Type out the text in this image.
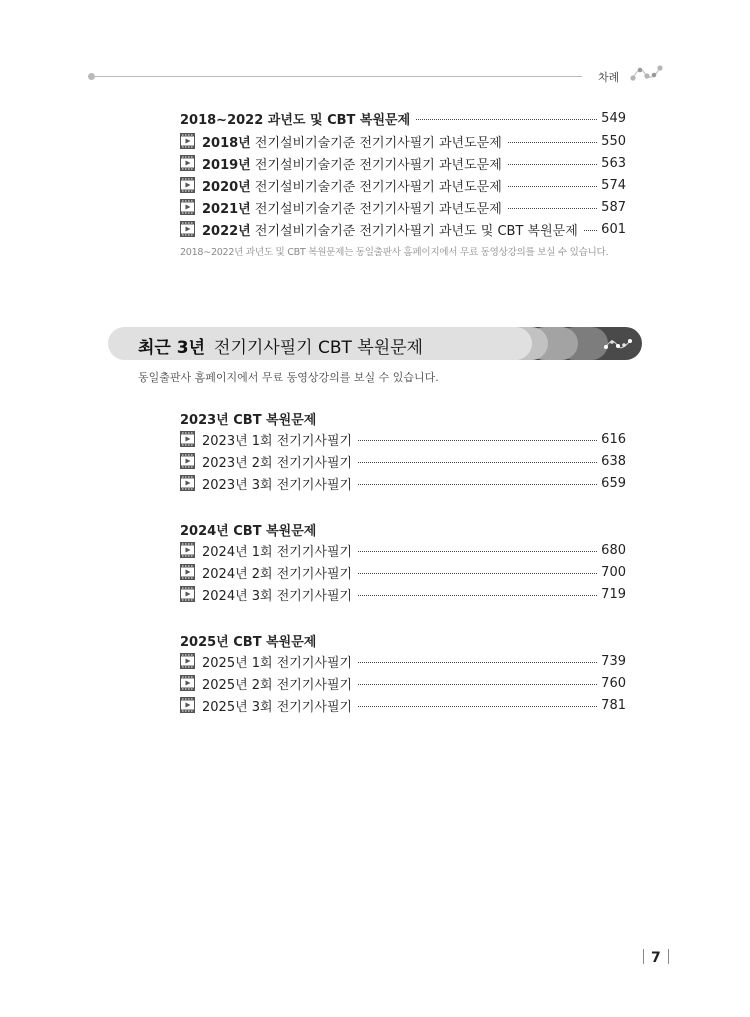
차례
2018∼2022 과년도 및 CBT 복원문제	549
2018년 전기설비기술기준 전기기사필기 과년도문제	550
2019년 전기설비기술기준 전기기사필기 과년도문제	563
2020년 전기설비기술기준 전기기사필기 과년도문제	574
2021년 전기설비기술기준 전기기사필기 과년도문제	587
2022년 전기설비기술기준 전기기사필기 과년도 및 CBT 복원문제 601
2018∼2022년 과년도 및 CBT 복원문제는 동일출판사 홈페이지에서 무료 동영상강의를 보실 수 있습니다.
최근 3년 전기기사필기 CBT 복원문제
동일출판사 홈페이지에서 무료 동영상강의를 보실 수 있습니다.
2023년 CBT 복원문제
2023년 1회 전기기사필기	616
2023년 2회 전기기사필기	638
2023년 3회 전기기사필기	659
2024년 CBT 복원문제
2024년 1회 전기기사필기	680
2024년 2회 전기기사필기	700
2024년 3회 전기기사필기	719
2025년 CBT 복원문제
2025년 1회 전기기사필기	739
2025년 2회 전기기사필기	760
2025년 3회 전기기사필기	781
7
